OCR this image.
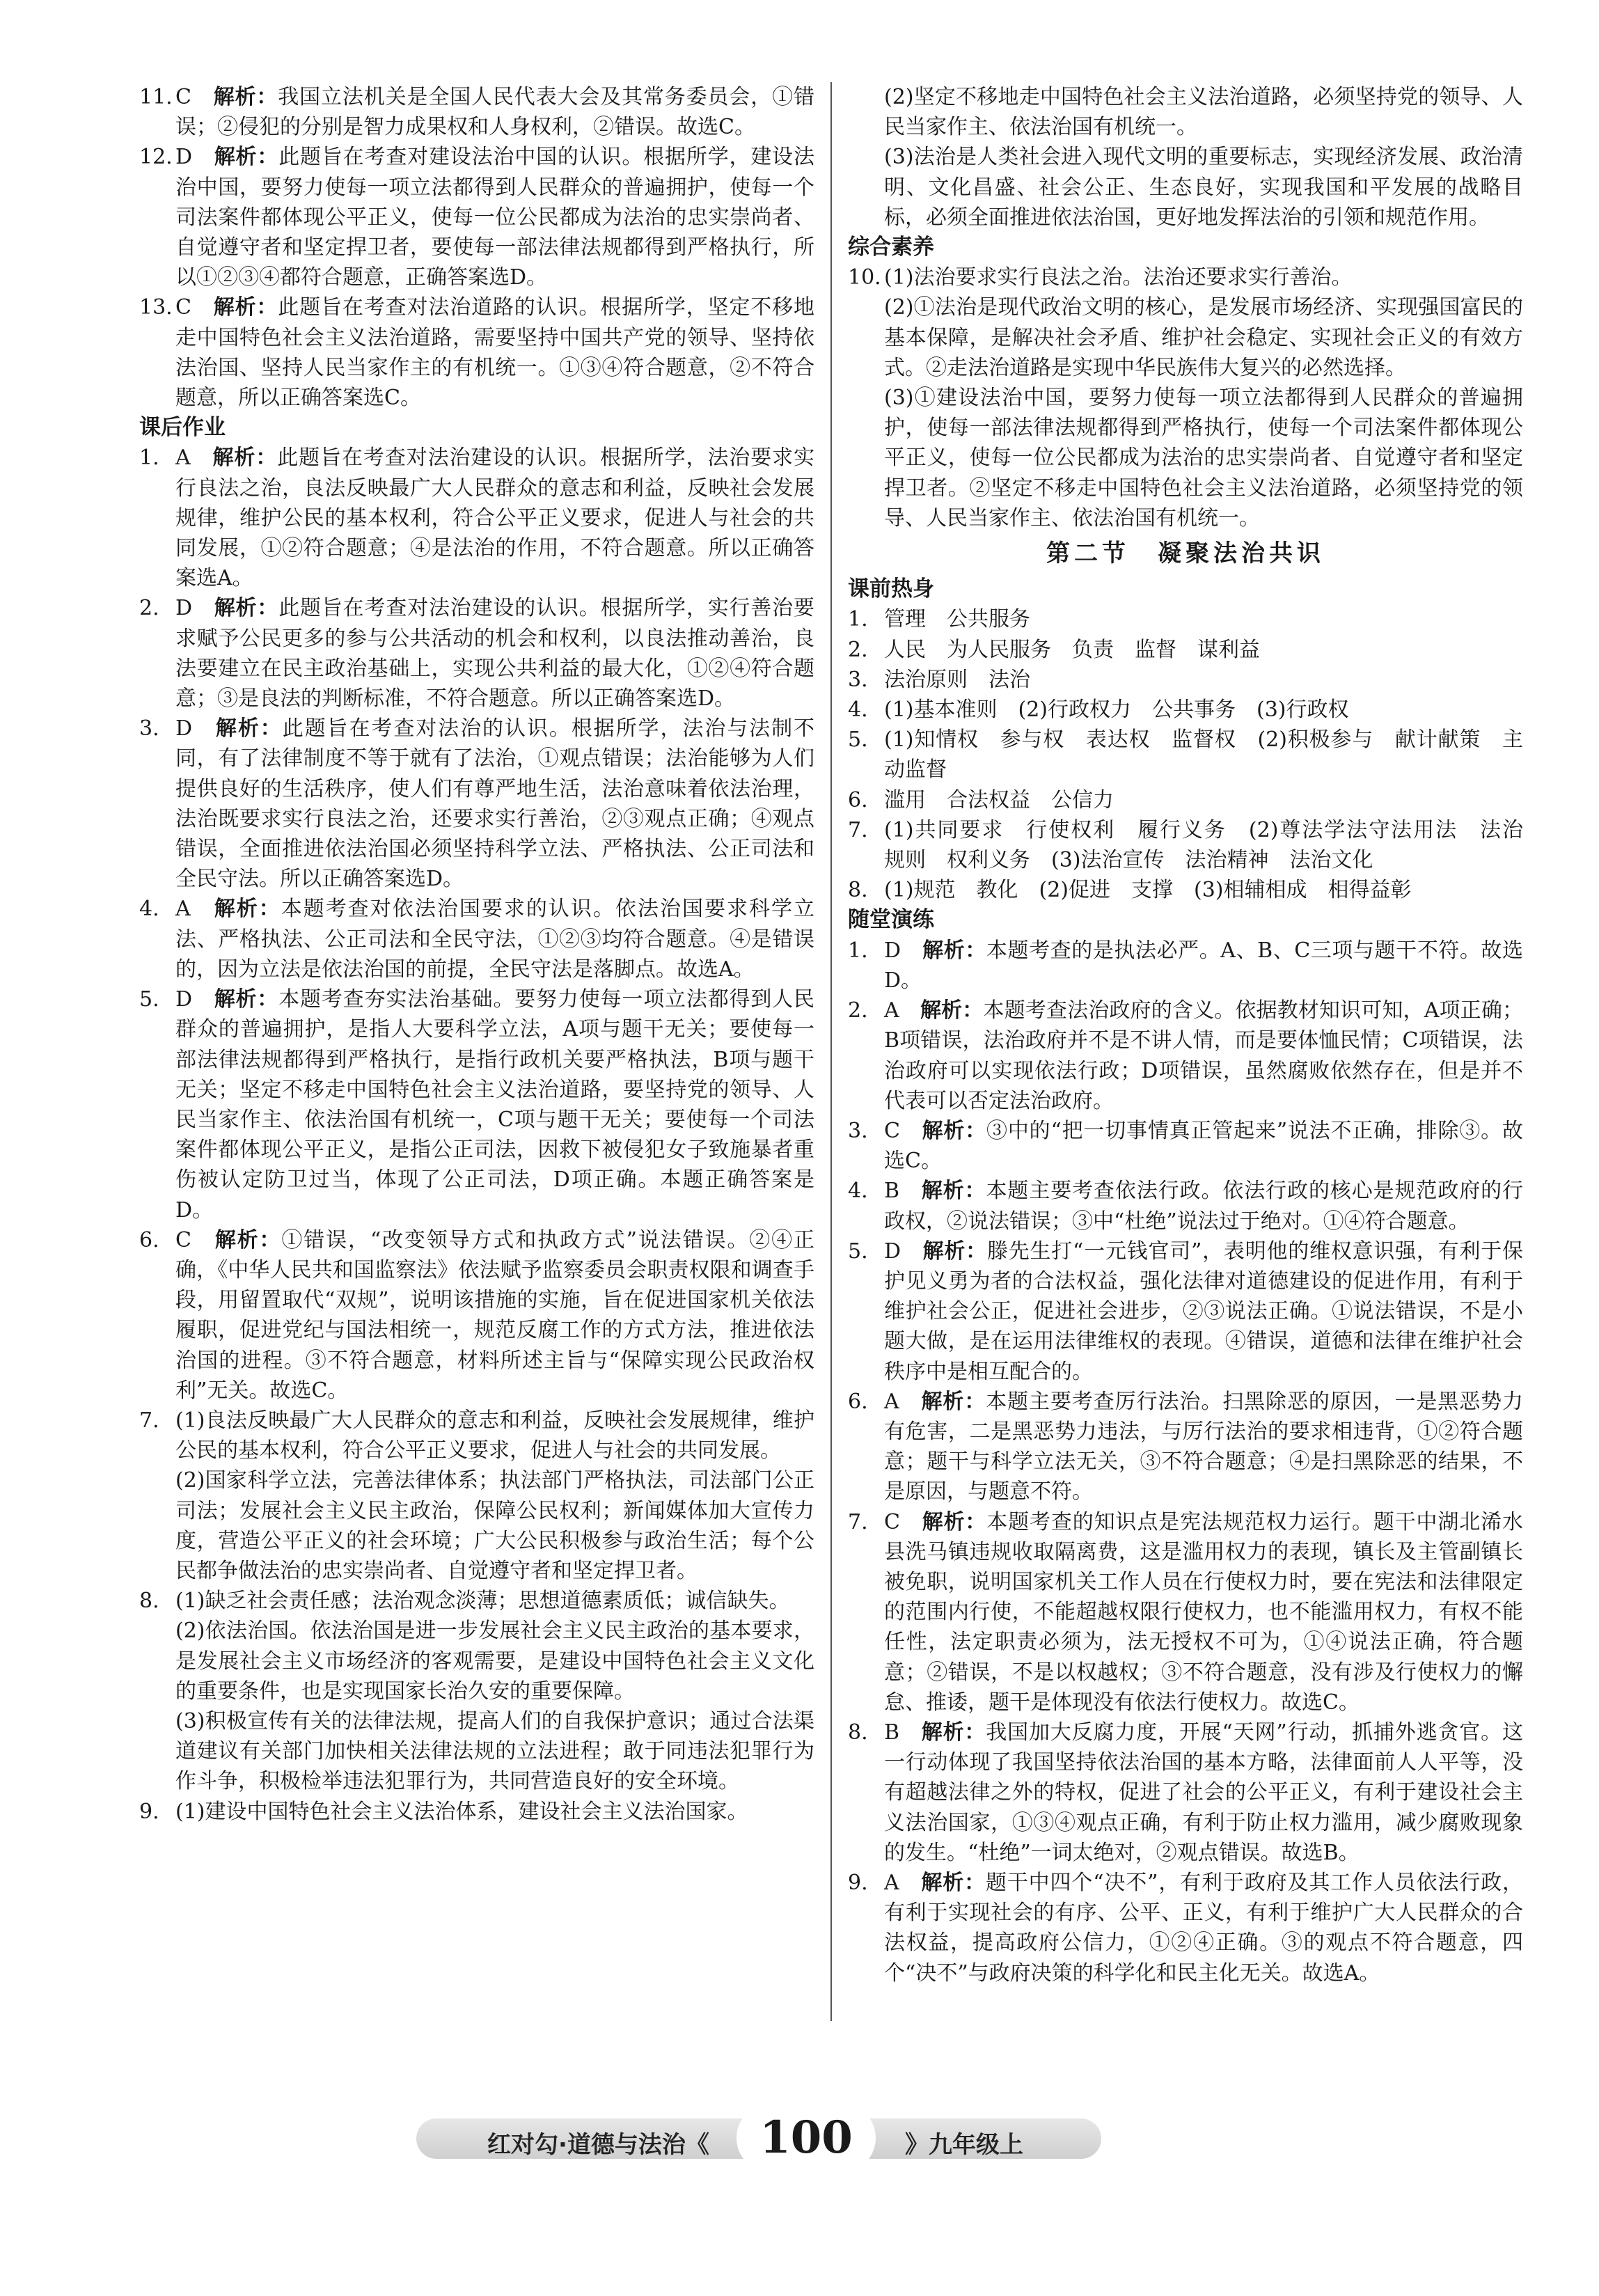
11. C　 解析：我国立法机关是全国人民代表大会及其常务委员会，①错误；②侵犯的分别是智力成果权和人身权利，②错误。故选C。

12. D　 解析：此题旨在考查对建设法治中国的认识。根据所学，建设法治中国，要努力使每一项立法都得到人民群众的普遍拥护，使每一个司法案件都体现公平正义，使每一位公民都成为法治的忠实崇尚者、自觉遵守者和坚定捍卫者，要使每一部法律法规都得到严格执行，所以①②③④都符合题意，正确答案选D。

13. C　 解析：此题旨在考查对法治道路的认识。根据所学，坚定不移地走中国特色社会主义法治道路，需要坚持中国共产党的领导、坚持依法治国、坚持人民当家作主的有机统一。①③④符合题意，②不符合题意，所以正确答案选C。

课后作业

1. A　 解析：此题旨在考查对法治建设的认识。根据所学，法治要求实行良法之治，良法反映最广大人民群众的意志和利益，反映社会发展规律，维护公民的基本权利，符合公平正义要求，促进人与社会的共同发展，①②符合题意；④是法治的作用，不符合题意。所以正确答案选A。

2. D　 解析：此题旨在考查对法治建设的认识。根据所学，实行善治要求赋予公民更多的参与公共活动的机会和权利，以良法推动善治，良法要建立在民主政治基础上，实现公共利益的最大化，①②④符合题意；③是良法的判断标准，不符合题意。所以正确答案选D。

3. D　 解析：此题旨在考查对法治的认识。根据所学，法治与法制不同，有了法律制度不等于就有了法治，①观点错误；法治能够为人们提供良好的生活秩序，使人们有尊严地生活，法治意味着依法治理，法治既要求实行良法之治，还要求实行善治，②③观点正确；④观点错误，全面推进依法治国必须坚持科学立法、严格执法、公正司法和全民守法。所以正确答案选D。

4. A　 解析：本题考查对依法治国要求的认识。依法治国要求科学立法、严格执法、公正司法和全民守法，①②③均符合题意。④是错误的，因为立法是依法治国的前提，全民守法是落脚点。故选A。

5. D　 解析：本题考查夯实法治基础。要努力使每一项立法都得到人民群众的普遍拥护，是指人大要科学立法，A项与题干无关；要使每一部法律法规都得到严格执行，是指行政机关要严格执法，B项与题干无关；坚定不移走中国特色社会主义法治道路，要坚持党的领导、人民当家作主、依法治国有机统一，C项与题干无关；要使每一个司法案件都体现公平正义，是指公正司法，因救下被侵犯女子致施暴者重伤被认定防卫过当，体现了公正司法，D项正确。本题正确答案是D。

6. C　 解析：①错误，“改变领导方式和执政方式”说法错误。②④正确，《中华人民共和国监察法》依法赋予监察委员会职责权限和调查手段，用留置取代“双规”，说明该措施的实施，旨在促进国家机关依法履职，促进党纪与国法相统一，规范反腐工作的方式方法，推进依法治国的进程。③不符合题意，材料所述主旨与“保障实现公民政治权利”无关。故选C。

7. (1)良法反映最广大人民群众的意志和利益，反映社会发展规律，维护公民的基本权利，符合公平正义要求，促进人与社会的共同发展。

(2)国家科学立法，完善法律体系；执法部门严格执法，司法部门公正司法；发展社会主义民主政治，保障公民权利；新闻媒体加大宣传力度，营造公平正义的社会环境；广大公民积极参与政治生活；每个公民都争做法治的忠实崇尚者、自觉遵守者和坚定捍卫者。

8. (1)缺乏社会责任感；法治观念淡薄；思想道德素质低；诚信缺失。

(2)依法治国。依法治国是进一步发展社会主义民主政治的基本要求，是发展社会主义市场经济的客观需要，是建设中国特色社会主义文化的重要条件，也是实现国家长治久安的重要保障。

(3)积极宣传有关的法律法规，提高人们的自我保护意识；通过合法渠道建议有关部门加快相关法律法规的立法进程；敢于同违法犯罪行为作斗争，积极检举违法犯罪行为，共同营造良好的安全环境。

9. (1)建设中国特色社会主义法治体系，建设社会主义法治国家。

(2)坚定不移地走中国特色社会主义法治道路，必须坚持党的领导、人民当家作主、依法治国有机统一。

(3)法治是人类社会进入现代文明的重要标志，实现经济发展、政治清明、文化昌盛、社会公正、生态良好，实现我国和平发展的战略目标，必须全面推进依法治国，更好地发挥法治的引领和规范作用。

综合素养

10. (1)法治要求实行良法之治。法治还要求实行善治。

(2)①法治是现代政治文明的核心，是发展市场经济、实现强国富民的基本保障，是解决社会矛盾、维护社会稳定、实现社会正义的有效方式。②走法治道路是实现中华民族伟大复兴的必然选择。

(3)①建设法治中国，要努力使每一项立法都得到人民群众的普遍拥护，使每一部法律法规都得到严格执行，使每一个司法案件都体现公平正义，使每一位公民都成为法治的忠实崇尚者、自觉遵守者和坚定捍卫者。②坚定不移走中国特色社会主义法治道路，必须坚持党的领导、人民当家作主、依法治国有机统一。

第二节　凝聚法治共识

课前热身

1. 管理　公共服务

2. 人民　为人民服务　负责　监督　谋利益

3. 法治原则　法治

4. (1)基本准则　(2)行政权力　公共事务　(3)行政权

5. (1)知情权　参与权　表达权　监督权　(2)积极参与　献计献策　主动监督

6. 滥用　合法权益　公信力

7. (1)共同要求　行使权利　履行义务　(2)尊法学法守法用法　法治　规则　权利义务　(3)法治宣传　法治精神　法治文化

8. (1)规范　教化　(2)促进　支撑　(3)相辅相成　相得益彰

随堂演练

1. D　 解析：本题考查的是执法必严。A、B、C三项与题干不符。故选D。

2. A　 解析：本题考查法治政府的含义。依据教材知识可知，A项正确；B项错误，法治政府并不是不讲人情，而是要体恤民情；C项错误，法治政府可以实现依法行政；D项错误，虽然腐败依然存在，但是并不代表可以否定法治政府。

3. C　 解析：③中的“把一切事情真正管起来”说法不正确，排除③。故选C。

4. B　 解析：本题主要考查依法行政。依法行政的核心是规范政府的行政权，②说法错误；③中“杜绝”说法过于绝对。①④符合题意。

5. D　 解析：滕先生打“一元钱官司”，表明他的维权意识强，有利于保护见义勇为者的合法权益，强化法律对道德建设的促进作用，有利于维护社会公正，促进社会进步，②③说法正确。①说法错误，不是小题大做，是在运用法律维权的表现。④错误，道德和法律在维护社会秩序中是相互配合的。

6. A　 解析：本题主要考查厉行法治。扫黑除恶的原因，一是黑恶势力有危害，二是黑恶势力违法，与厉行法治的要求相违背，①②符合题意；题干与科学立法无关，③不符合题意；④是扫黑除恶的结果，不是原因，与题意不符。

7. C　 解析：本题考查的知识点是宪法规范权力运行。题干中湖北浠水县洗马镇违规收取隔离费，这是滥用权力的表现，镇长及主管副镇长被免职，说明国家机关工作人员在行使权力时，要在宪法和法律限定的范围内行使，不能超越权限行使权力，也不能滥用权力，有权不能任性，法定职责必须为，法无授权不可为，①④说法正确，符合题意；②错误，不是以权越权；③不符合题意，没有涉及行使权力的懈怠、推诿，题干是体现没有依法行使权力。故选C。

8. B　 解析：我国加大反腐力度，开展“天网”行动，抓捕外逃贪官。这一行动体现了我国坚持依法治国的基本方略，法律面前人人平等，没有超越法律之外的特权，促进了社会的公平正义，有利于建设社会主义法治国家，①③④观点正确，有利于防止权力滥用，减少腐败现象的发生。“杜绝”一词太绝对，②观点错误。故选B。

9. A　 解析：题干中四个“决不”，有利于政府及其工作人员依法行政，有利于实现社会的有序、公平、正义，有利于维护广大人民群众的合法权益，提高政府公信力，①②④正确。③的观点不符合题意，四个“决不”与政府决策的科学化和民主化无关。故选A。

红对勾·道德与法治《	100	》九年级上
